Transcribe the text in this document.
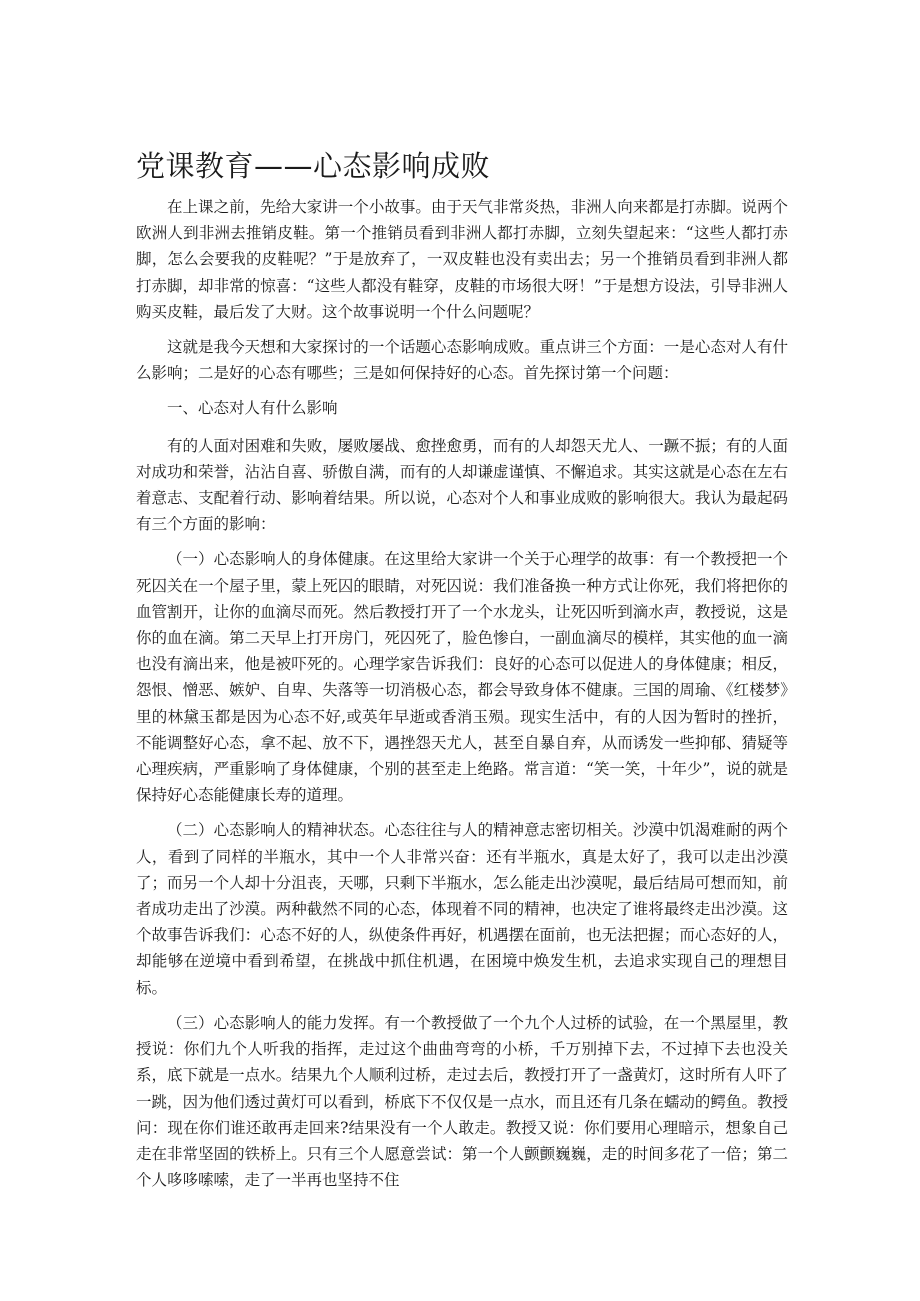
党课教育——心态影响成败

在上课之前，先给大家讲一个小故事。由于天气非常炎热，非洲人向来都是打赤脚。说两个欧洲人到非洲去推销皮鞋。第一个推销员看到非洲人都打赤脚，立刻失望起来：“这些人都打赤脚，怎么会要我的皮鞋呢？”于是放弃了，一双皮鞋也没有卖出去；另一个推销员看到非洲人都打赤脚，却非常的惊喜：“这些人都没有鞋穿，皮鞋的市场很大呀！”于是想方设法，引导非洲人购买皮鞋，最后发了大财。这个故事说明一个什么问题呢？

这就是我今天想和大家探讨的一个话题心态影响成败。重点讲三个方面：一是心态对人有什么影响；二是好的心态有哪些；三是如何保持好的心态。首先探讨第一个问题：

一、心态对人有什么影响

有的人面对困难和失败，屡败屡战、愈挫愈勇，而有的人却怨天尤人、一蹶不振；有的人面对成功和荣誉，沾沾自喜、骄傲自满，而有的人却谦虚谨慎、不懈追求。其实这就是心态在左右着意志、支配着行动、影响着结果。所以说，心态对个人和事业成败的影响很大。我认为最起码有三个方面的影响：

（一）心态影响人的身体健康。在这里给大家讲一个关于心理学的故事：有一个教授把一个死囚关在一个屋子里，蒙上死囚的眼睛，对死囚说：我们准备换一种方式让你死，我们将把你的血管割开，让你的血滴尽而死。然后教授打开了一个水龙头，让死囚听到滴水声，教授说，这是你的血在滴。第二天早上打开房门，死囚死了，脸色惨白，一副血滴尽的模样，其实他的血一滴也没有滴出来，他是被吓死的。心理学家告诉我们：良好的心态可以促进人的身体健康；相反，怨恨、憎恶、嫉妒、自卑、失落等一切消极心态，都会导致身体不健康。三国的周瑜、《红楼梦》里的林黛玉都是因为心态不好,或英年早逝或香消玉殒。现实生活中，有的人因为暂时的挫折，不能调整好心态，拿不起、放不下，遇挫怨天尤人，甚至自暴自弃，从而诱发一些抑郁、猜疑等心理疾病，严重影响了身体健康，个别的甚至走上绝路。常言道：“笑一笑，十年少”，说的就是保持好心态能健康长寿的道理。

（二）心态影响人的精神状态。心态往往与人的精神意志密切相关。沙漠中饥渴难耐的两个人，看到了同样的半瓶水，其中一个人非常兴奋：还有半瓶水，真是太好了，我可以走出沙漠了；而另一个人却十分沮丧，天哪，只剩下半瓶水，怎么能走出沙漠呢，最后结局可想而知，前者成功走出了沙漠。两种截然不同的心态，体现着不同的精神，也决定了谁将最终走出沙漠。这个故事告诉我们：心态不好的人，纵使条件再好，机遇摆在面前，也无法把握；而心态好的人，却能够在逆境中看到希望，在挑战中抓住机遇，在困境中焕发生机，去追求实现自己的理想目标。

（三）心态影响人的能力发挥。有一个教授做了一个九个人过桥的试验，在一个黑屋里，教授说：你们九个人听我的指挥，走过这个曲曲弯弯的小桥，千万别掉下去，不过掉下去也没关系，底下就是一点水。结果九个人顺利过桥，走过去后，教授打开了一盏黄灯，这时所有人吓了一跳，因为他们透过黄灯可以看到，桥底下不仅仅是一点水，而且还有几条在蠕动的鳄鱼。教授问：现在你们谁还敢再走回来?结果没有一个人敢走。教授又说：你们要用心理暗示，想象自己走在非常坚固的铁桥上。只有三个人愿意尝试：第一个人颤颤巍巍，走的时间多花了一倍；第二个人哆哆嗦嗦，走了一半再也坚持不住
